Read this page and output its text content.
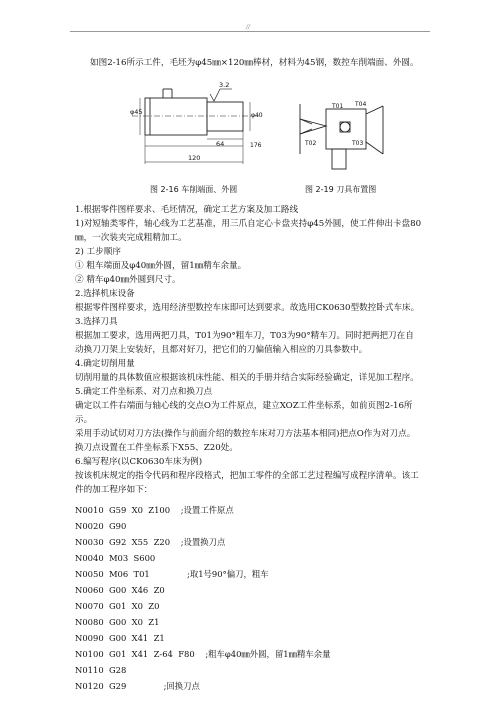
//
如图2-16所示工件，毛坯为φ45㎜×120㎜棒材，材料为45钢，数控车削端面、外圆。
φ45
3.2
φ40
64
120
176
T01 T04
T02	T03
图 2-16 车削端面、外圆	图 2-19 刀具布置图
1.根据零件图样要求、毛坯情况，确定工艺方案及加工路线
1)对短轴类零件，轴心线为工艺基准，用三爪自定心卡盘夹持φ45外圆，使工件伸出卡盘80
㎜，一次装夹完成粗精加工。
2) 工步顺序
① 粗车端面及φ40㎜外圆，留1㎜精车余量。
② 精车φ40㎜外圆到尺寸。
2.选择机床设备
根据零件图样要求，选用经济型数控车床即可达到要求。故选用CK0630型数控卧式车床。
3.选择刀具
根据加工要求，选用两把刀具，T01为90°粗车刀，T03为90°精车刀。同时把两把刀在自
动换刀刀架上安装好，且都对好刀，把它们的刀偏值输入相应的刀具参数中。
4.确定切削用量
切削用量的具体数值应根据该机床性能、相关的手册并结合实际经验确定，详见加工程序。
5.确定工件坐标系、对刀点和换刀点
确定以工件右端面与轴心线的交点O为工件原点，建立XOZ工件坐标系，如前页图2-16所
示。
采用手动试切对刀方法(操作与前面介绍的数控车床对刀方法基本相同)把点O作为对刀点。
换刀点设置在工件坐标系下X55、Z20处。
6.编写程序(以CK0630车床为例)
按该机床规定的指令代码和程序段格式，把加工零件的全部工艺过程编写成程序清单。该工
件的加工程序如下：
N0010  G59  X0  Z100    ;设置工件原点
N0020  G90
N0030  G92  X55  Z20    ;设置换刀点
N0040  M03  S600
N0050  M06  T01              ;取1号90°偏刀，粗车
N0060  G00  X46  Z0
N0070  G01  X0  Z0
N0080  G00  X0  Z1
N0090  G00  X41  Z1
N0100  G01  X41  Z-64  F80    ;粗车φ40㎜外圆，留1㎜精车余量
N0110  G28
N0120  G29              ;回换刀点
